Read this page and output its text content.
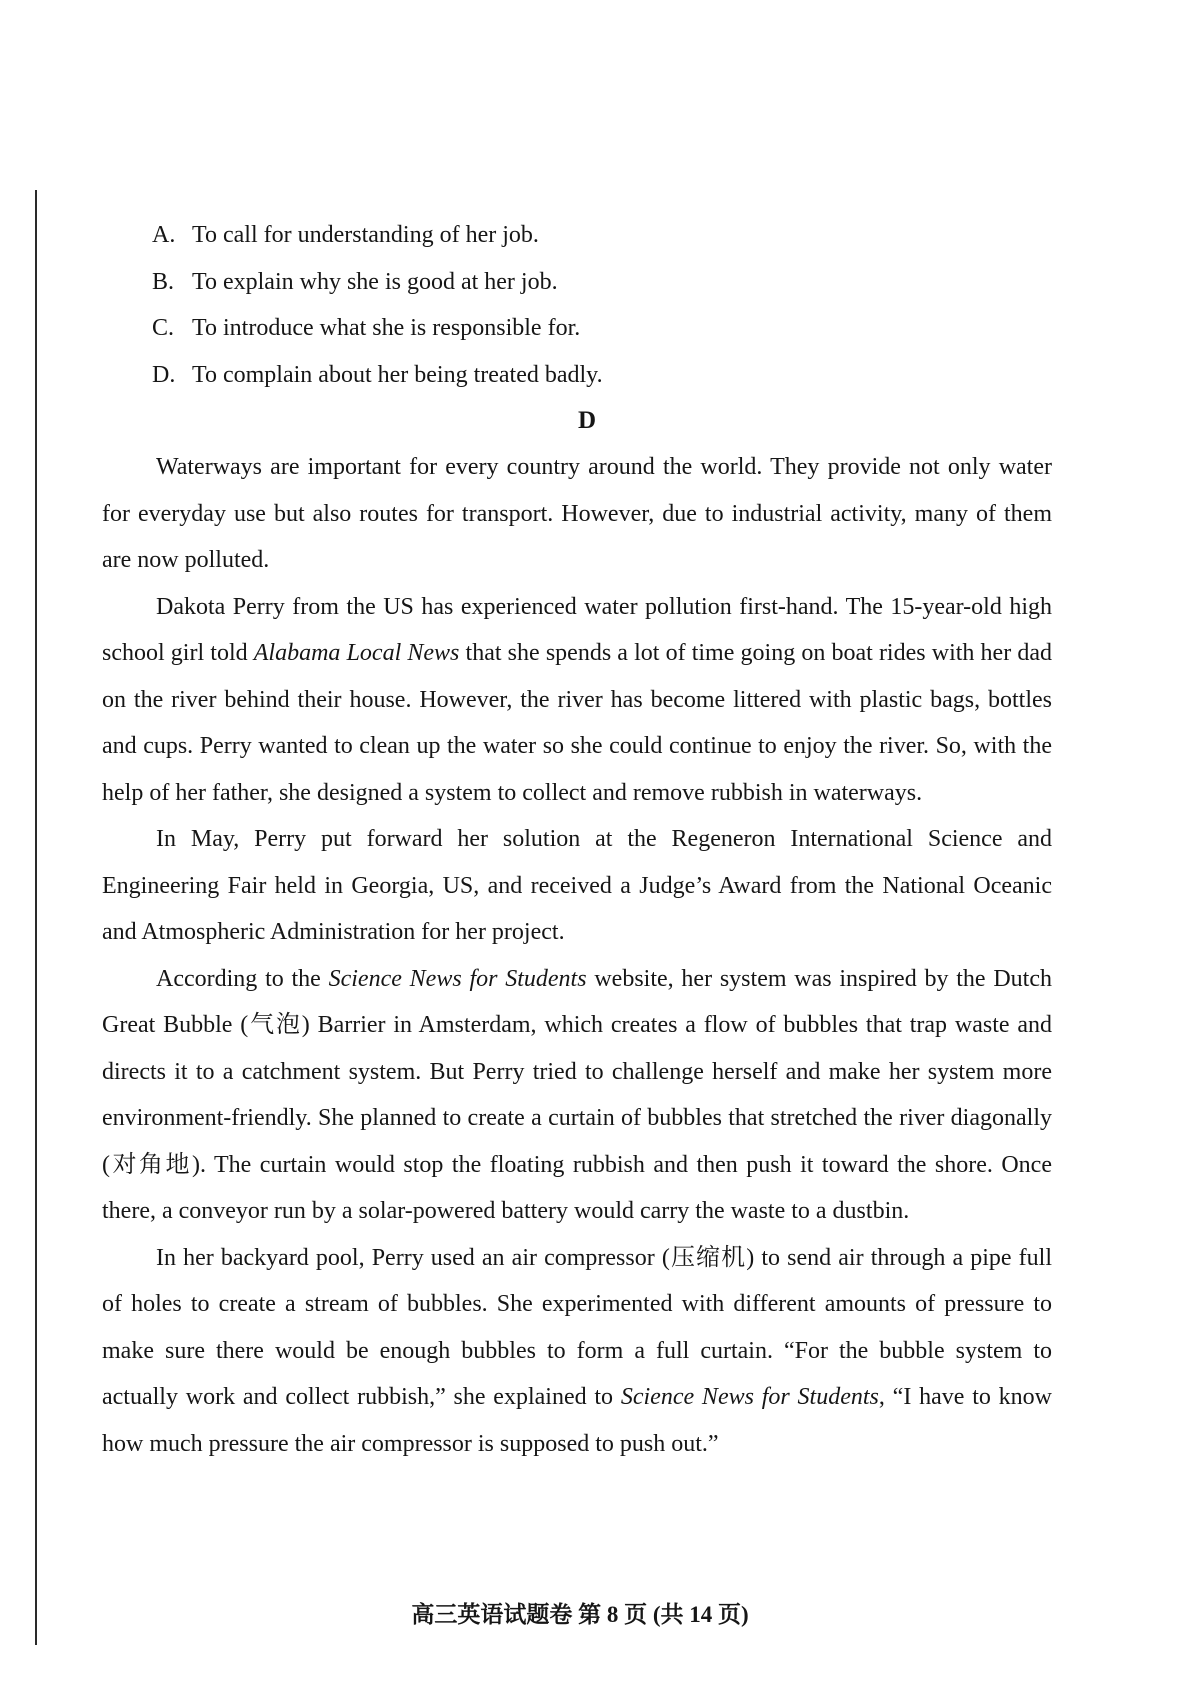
A. To call for understanding of her job.
B. To explain why she is good at her job.
C. To introduce what she is responsible for.
D. To complain about her being treated badly.
D

Waterways are important for every country around the world. They provide not only water for everyday use but also routes for transport. However, due to industrial activity, many of them are now polluted.

Dakota Perry from the US has experienced water pollution first-hand. The 15-year-old high school girl told Alabama Local News that she spends a lot of time going on boat rides with her dad on the river behind their house. However, the river has become littered with plastic bags, bottles and cups. Perry wanted to clean up the water so she could continue to enjoy the river. So, with the help of her father, she designed a system to collect and remove rubbish in waterways.

In May, Perry put forward her solution at the Regeneron International Science and Engineering Fair held in Georgia, US, and received a Judge’s Award from the National Oceanic and Atmospheric Administration for her project.

According to the Science News for Students website, her system was inspired by the Dutch Great Bubble (气泡) Barrier in Amsterdam, which creates a flow of bubbles that trap waste and directs it to a catchment system. But Perry tried to challenge herself and make her system more environment-friendly. She planned to create a curtain of bubbles that stretched the river diagonally (对角地). The curtain would stop the floating rubbish and then push it toward the shore. Once there, a conveyor run by a solar-powered battery would carry the waste to a dustbin.

In her backyard pool, Perry used an air compressor (压缩机) to send air through a pipe full of holes to create a stream of bubbles. She experimented with different amounts of pressure to make sure there would be enough bubbles to form a full curtain. “For the bubble system to actually work and collect rubbish,” she explained to Science News for Students, “I have to know how much pressure the air compressor is supposed to push out.”

高三英语试题卷 第 8 页 (共 14 页)
